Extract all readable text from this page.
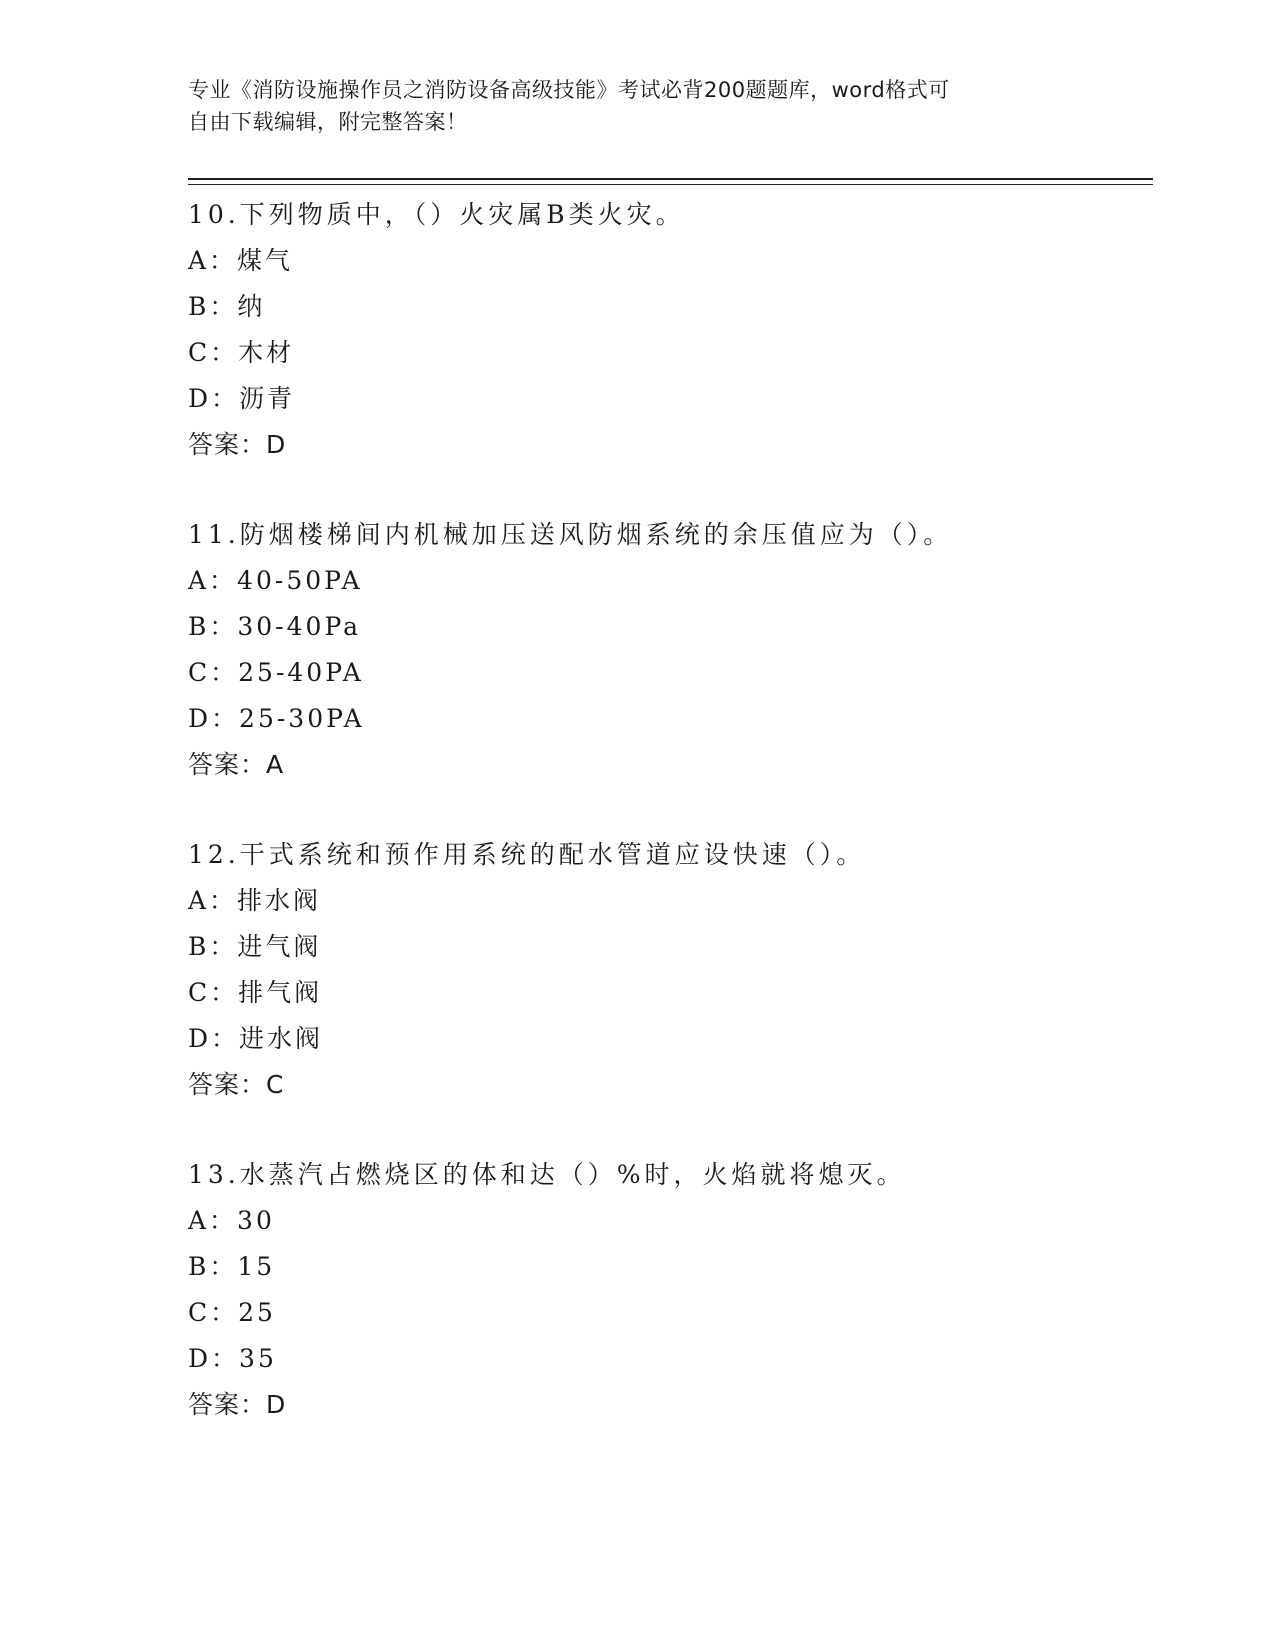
专业《消防设施操作员之消防设备高级技能》考试必背200题题库，word格式可
自由下载编辑，附完整答案！
10.下列物质中，（）火灾属B类火灾。
A：煤气
B：纳
C：木材
D：沥青
答案：D
11.防烟楼梯间内机械加压送风防烟系统的余压值应为（）。
A：40-50PA
B：30-40Pa
C：25-40PA
D：25-30PA
答案：A
12.干式系统和预作用系统的配水管道应设快速（）。
A：排水阀
B：进气阀
C：排气阀
D：进水阀
答案：C
13.水蒸汽占燃烧区的体和达（）%时，火焰就将熄灭。
A：30
B：15
C：25
D：35
答案：D
